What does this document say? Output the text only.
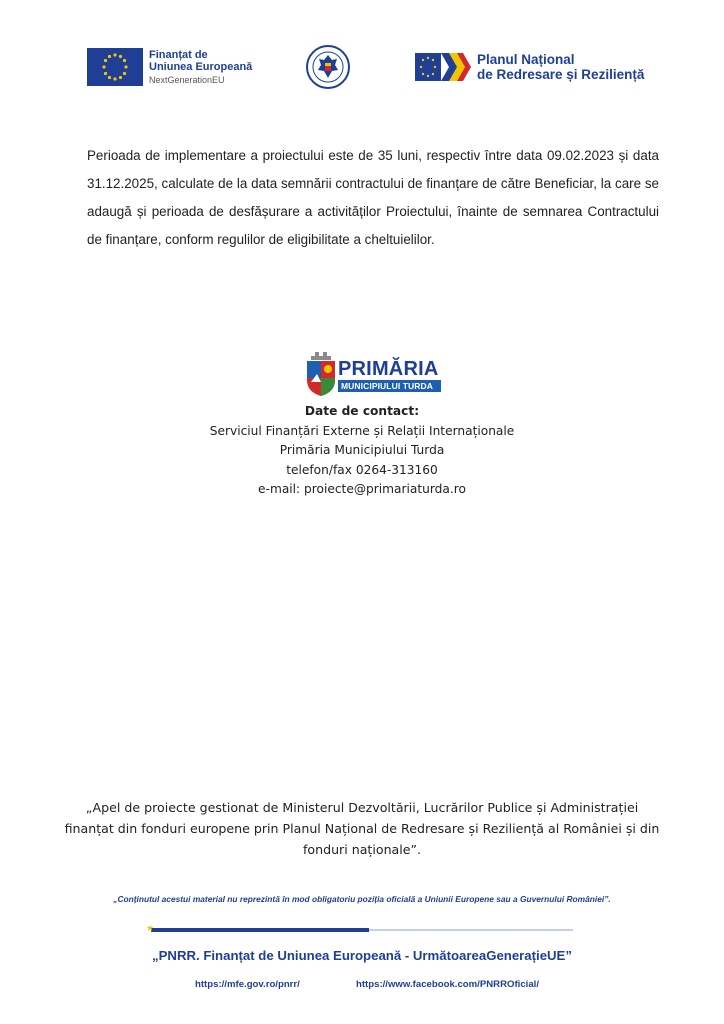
Finanțat de
Uniunea Europeană
NextGenerationEU
Planul Național
de Redresare și Reziliență
Perioada de implementare a proiectului este de 35 luni, respectiv între data 09.02.2023 și data
31.12.2025, calculate de la data semnării contractului de finanțare de către Beneficiar, la care se
adaugă și perioada de desfășurare a activităților Proiectului, înainte de semnarea Contractului
de finanțare, conform regulilor de eligibilitate a cheltuielilor.
PRIMĂRIA
MUNICIPIULUI TURDA
Date de contact:
Serviciul Finanțări Externe și Relații Internaționale
Primăria Municipiului Turda
telefon/fax 0264-313160
e-mail: proiecte@primariaturda.ro
„Apel de proiecte gestionat de Ministerul Dezvoltării, Lucrărilor Publice și Administrației
finanțat din fonduri europene prin Planul Național de Redresare și Reziliență al României și din
fonduri naționale”.
„Conținutul acestui material nu reprezintă în mod obligatoriu poziția oficială a Uniunii Europene sau a Guvernului României”.
★
„PNRR. Finanțat de Uniunea Europeană - UrmătoareaGenerațieUE”
https://mfe.gov.ro/pnrr/	https://www.facebook.com/PNRROficial/
